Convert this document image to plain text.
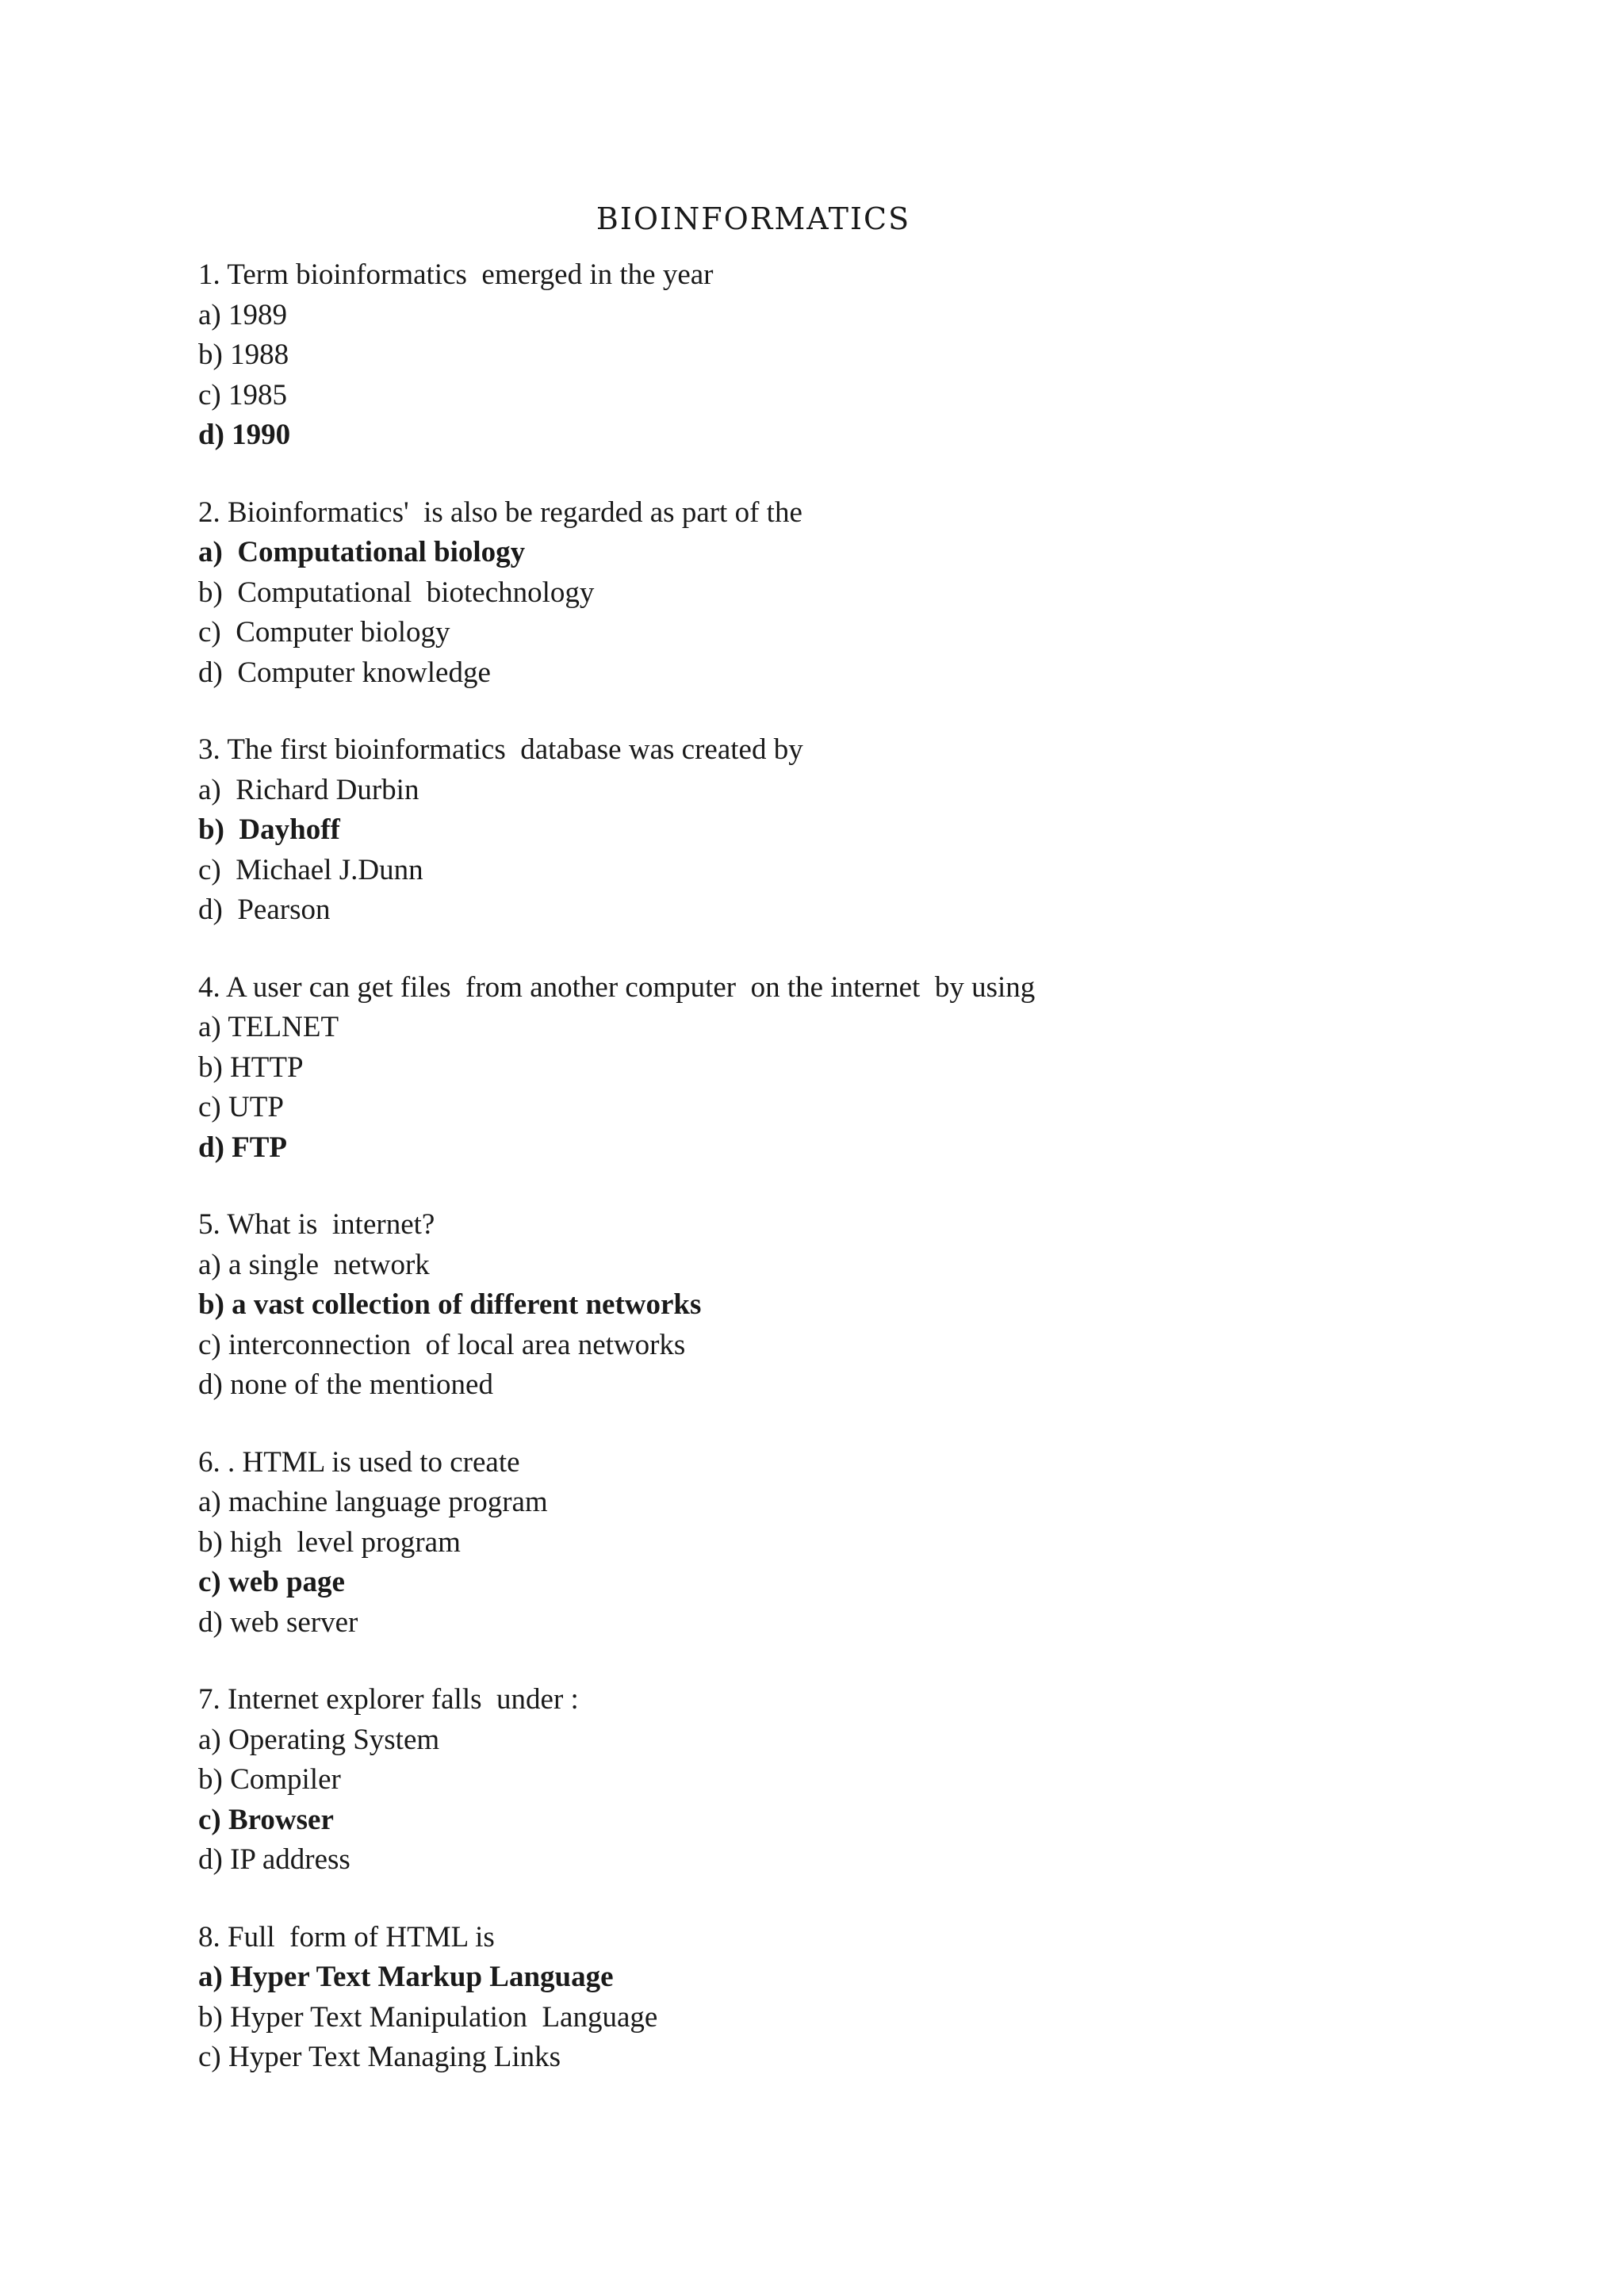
BIOINFORMATICS
1. Term bioinformatics  emerged in the year
a) 1989
b) 1988
c) 1985
d) 1990
2. Bioinformatics'  is also be regarded as part of the
a)  Computational biology
b)  Computational  biotechnology
c)  Computer biology
d)  Computer knowledge
3. The first bioinformatics  database was created by
a)  Richard Durbin
b)  Dayhoff
c)  Michael J.Dunn
d)  Pearson
4. A user can get files  from another computer  on the internet  by using
a) TELNET
b) HTTP
c) UTP
d) FTP
5. What is  internet?
a) a single  network
b) a vast collection of different networks
c) interconnection  of local area networks
d) none of the mentioned
6. . HTML is used to create
a) machine language program
b) high  level program
c) web page
d) web server
7. Internet explorer falls  under :
a) Operating System
b) Compiler
c) Browser
d) IP address
8. Full  form of HTML is
a) Hyper Text Markup Language
b) Hyper Text Manipulation  Language
c) Hyper Text Managing Links
